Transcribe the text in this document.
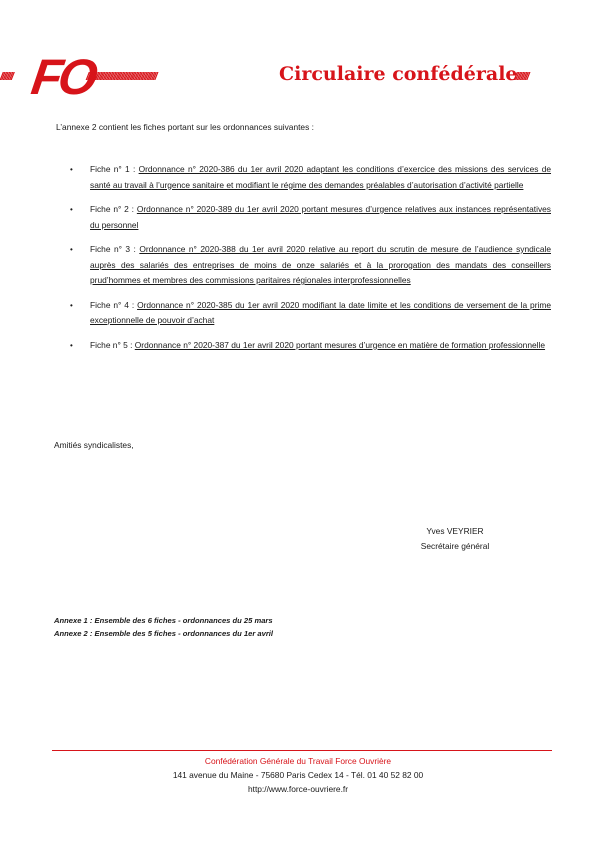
//////// FO
/////////////////////////////////////////////	Circulaire confédérale
/////////
L’annexe 2 contient les fiches portant sur les ordonnances suivantes :
• Fiche n° 1 : Ordonnance n° 2020-386 du 1er avril 2020 adaptant les conditions d’exercice des missions des services de santé au travail à l’urgence sanitaire et modifiant le régime des demandes préalables d’autorisation d’activité partielle
• Fiche n° 2 : Ordonnance n° 2020-389 du 1er avril 2020 portant mesures d’urgence relatives aux instances représentatives du personnel
• Fiche n° 3 : Ordonnance n° 2020-388 du 1er avril 2020 relative au report du scrutin de mesure de l’audience syndicale auprès des salariés des entreprises de moins de onze salariés et à la prorogation des mandats des conseillers prud’hommes et membres des commissions paritaires régionales interprofessionnelles
• Fiche n° 4 : Ordonnance n° 2020-385 du 1er avril 2020 modifiant la date limite et les conditions de versement de la prime exceptionnelle de pouvoir d’achat
• Fiche n° 5 : Ordonnance n° 2020-387 du 1er avril 2020 portant mesures d’urgence en matière de formation professionnelle
Amitiés syndicalistes,
Yves VEYRIER
Secrétaire général
Annexe 1 : Ensemble des 6 fiches - ordonnances du 25 mars
Annexe 2 : Ensemble des 5 fiches - ordonnances du 1er avril
Confédération Générale du Travail Force Ouvrière
141 avenue du Maine - 75680 Paris Cedex 14 - Tél. 01 40 52 82 00
http://www.force-ouvriere.fr
